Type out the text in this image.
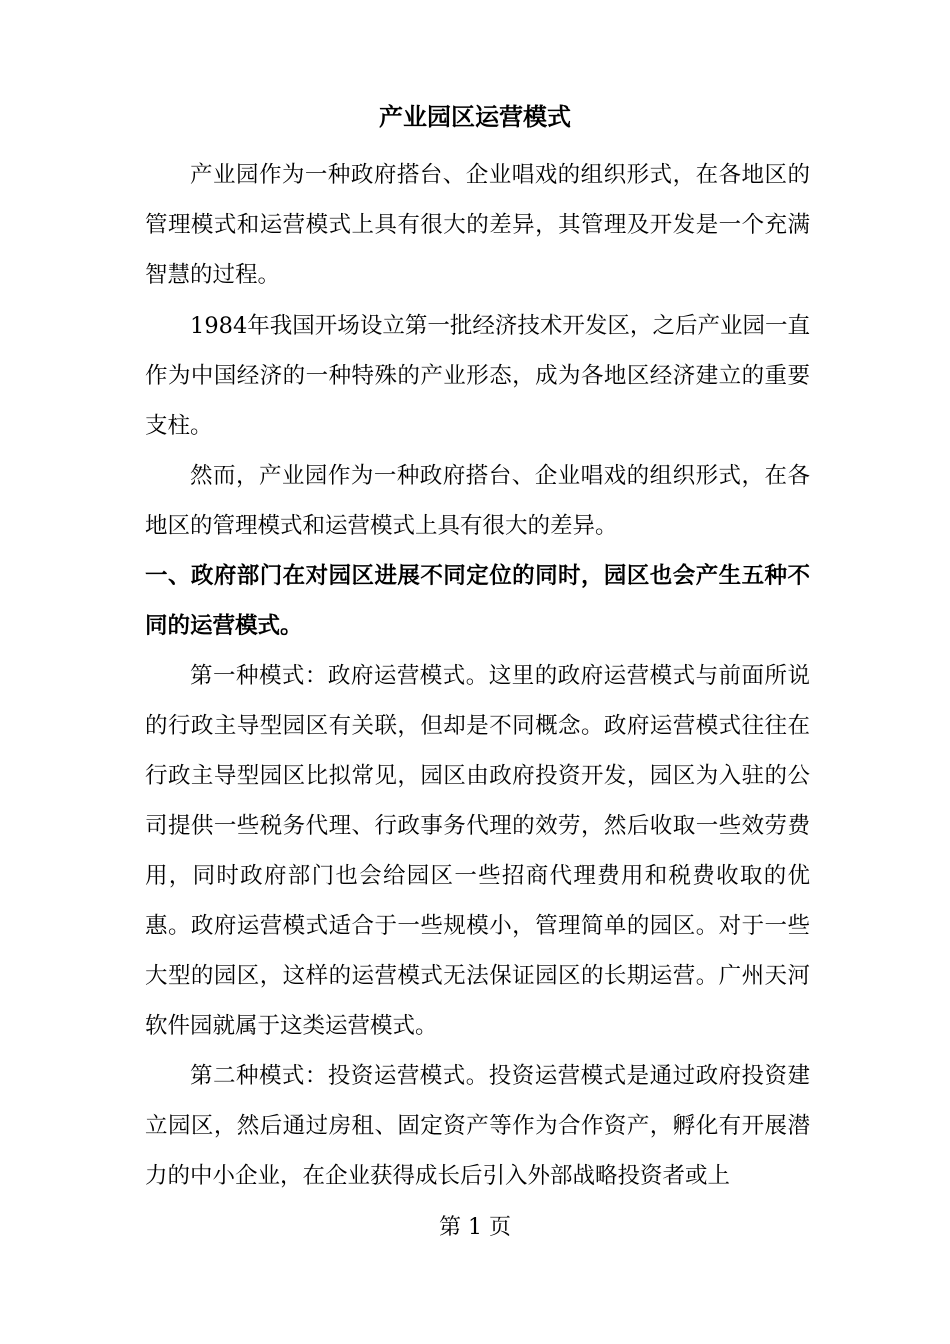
产业园区运营模式

产业园作为一种政府搭台、企业唱戏的组织形式，在各地区的管理模式和运营模式上具有很大的差异，其管理及开发是一个充满智慧的过程。

1984年我国开场设立第一批经济技术开发区，之后产业园一直作为中国经济的一种特殊的产业形态，成为各地区经济建立的重要支柱。

然而，产业园作为一种政府搭台、企业唱戏的组织形式，在各地区的管理模式和运营模式上具有很大的差异。

一、政府部门在对园区进展不同定位的同时，园区也会产生五种不同的运营模式。

第一种模式：政府运营模式。这里的政府运营模式与前面所说的行政主导型园区有关联，但却是不同概念。政府运营模式往往在行政主导型园区比拟常见，园区由政府投资开发，园区为入驻的公司提供一些税务代理、行政事务代理的效劳，然后收取一些效劳费用，同时政府部门也会给园区一些招商代理费用和税费收取的优惠。政府运营模式适合于一些规模小，管理简单的园区。对于一些大型的园区，这样的运营模式无法保证园区的长期运营。广州天河软件园就属于这类运营模式。

第二种模式：投资运营模式。投资运营模式是通过政府投资建立园区，然后通过房租、固定资产等作为合作资产，孵化有开展潜力的中小企业，在企业获得成长后引入外部战略投资者或上

第 1 页
